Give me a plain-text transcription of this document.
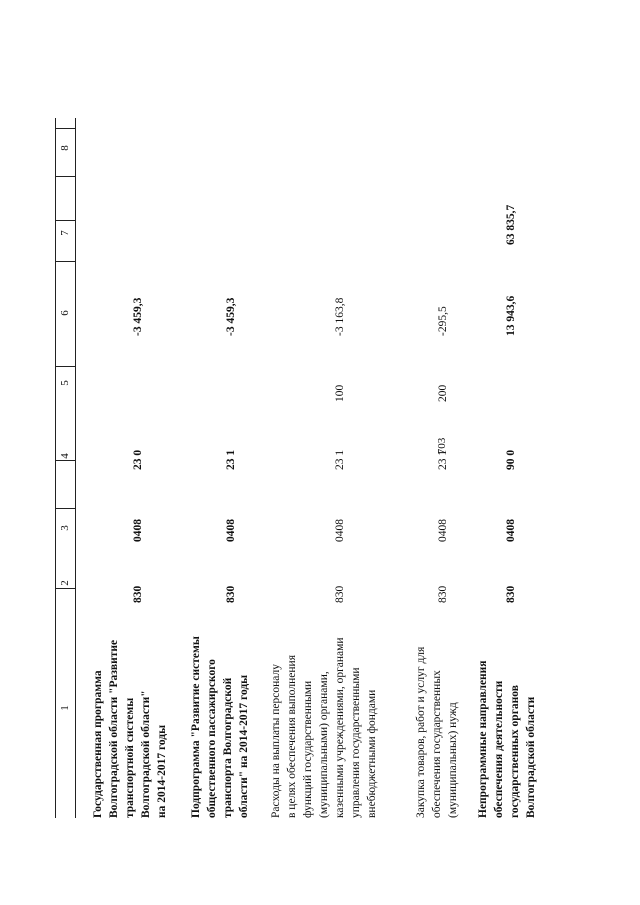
703
1
2
3
4
5
6
7
8
Государственная программа
Волгоградской области "Развитие
транспортной системы
Волгоградской области"
на 2014-2017 годы
830
0408
23 0
-3 459,3
Подпрограмма "Развитие системы
общественного пассажирского
транспорта Волгоградской
области" на 2014-2017 годы
830
0408
23 1
-3 459,3
Расходы на выплаты персоналу
в целях обеспечения выполнения
функций государственными
(муниципальными) органами,
казенными учреждениями, органами
управления государственными
внебюджетными фондами
830
0408
23 1
100
-3 163,8
Закупка товаров, работ и услуг для
обеспечения государственных
(муниципальных) нужд
830
0408
23 1
200
-295,5
Непрограммные направления
обеспечения деятельности
государственных органов
Волгоградской области
830
0408
90 0
13 943,6
63 835,7
